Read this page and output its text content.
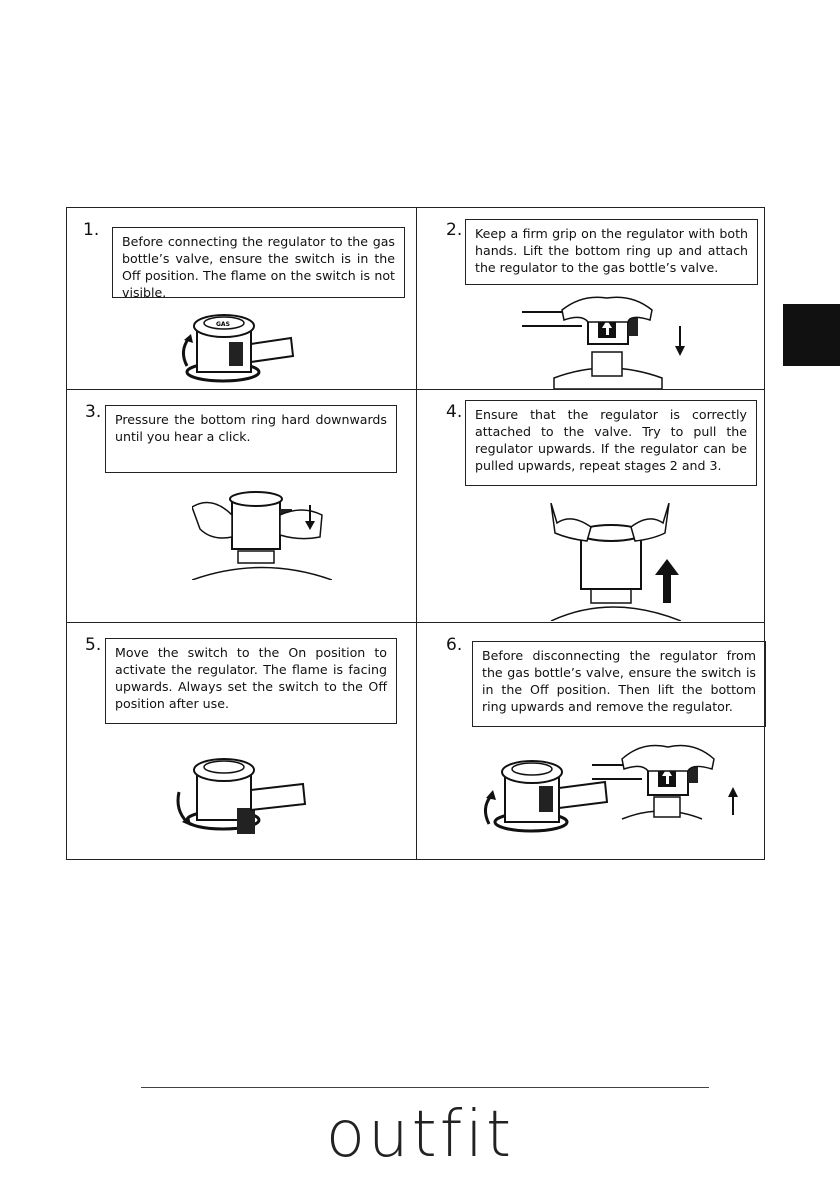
1.
Before connecting the regulator to the gas bottle’s valve, ensure the switch is in the Off position. The flame on the switch is not visible.
GAS
2.	Keep a firm grip on the regulator with both hands. Lift the bottom ring up and attach the regulator to the gas bottle’s valve.
3.	Pressure the bottom ring hard downwards until you hear a click.
4.	Ensure that the regulator is correctly attached to the valve. Try to pull the regulator upwards. If the regulator can be pulled upwards, repeat stages 2 and 3.
5.	Move the switch to the On position to activate the regulator. The flame is facing upwards. Always set the switch to the Off position after use.
6.
Before disconnecting the regulator from the gas bottle’s valve, ensure the switch is in the Off position. Then lift the bottom ring upwards and remove the regulator.
outfit
